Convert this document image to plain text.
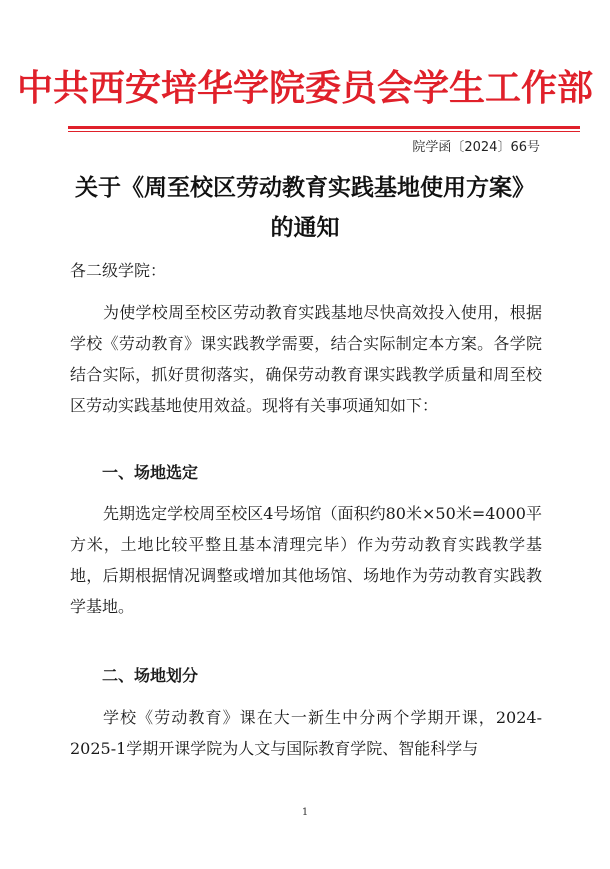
中共西安培华学院委员会学生工作部
院学函〔2024〕66号
关于《周至校区劳动教育实践基地使用方案》
的通知
各二级学院：
为使学校周至校区劳动教育实践基地尽快高效投入使用，根据学校《劳动教育》课实践教学需要，结合实际制定本方案。各学院结合实际，抓好贯彻落实，确保劳动教育课实践教学质量和周至校区劳动实践基地使用效益。现将有关事项通知如下：
一、场地选定
先期选定学校周至校区4号场馆（面积约80米×50米=4000平方米，土地比较平整且基本清理完毕）作为劳动教育实践教学基地，后期根据情况调整或增加其他场馆、场地作为劳动教育实践教学基地。
二、场地划分
学校《劳动教育》课在大一新生中分两个学期开课，2024-2025-1学期开课学院为人文与国际教育学院、智能科学与
1
